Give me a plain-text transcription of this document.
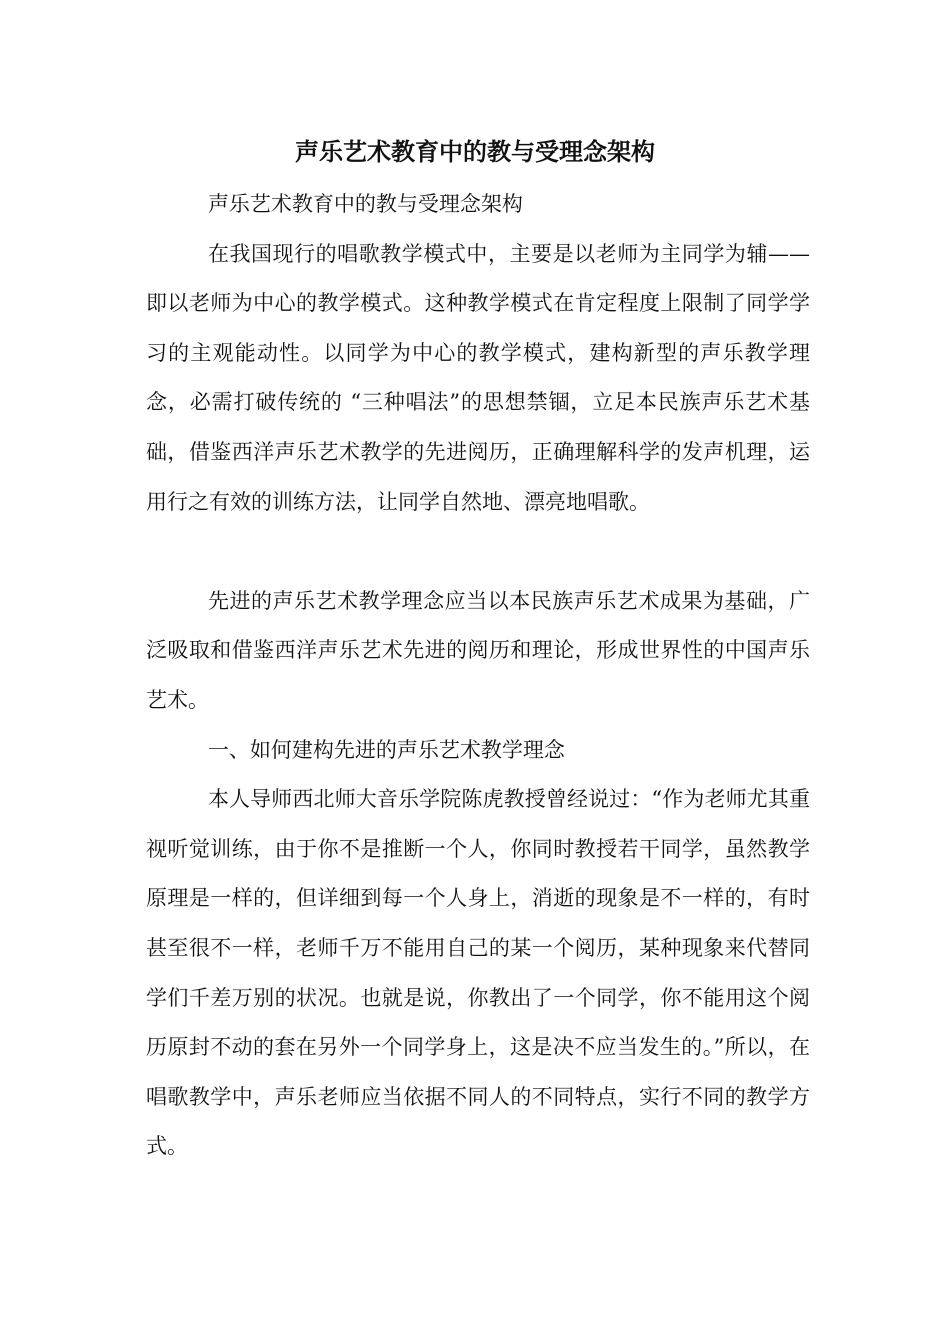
声乐艺术教育中的教与受理念架构

声乐艺术教育中的教与受理念架构

在我国现行的唱歌教学模式中，主要是以老师为主同学为辅——即以老师为中心的教学模式。这种教学模式在肯定程度上限制了同学学习的主观能动性。以同学为中心的教学模式，建构新型的声乐教学理念，必需打破传统的 “三种唱法”的思想禁锢，立足本民族声乐艺术基础，借鉴西洋声乐艺术教学的先进阅历，正确理解科学的发声机理，运用行之有效的训练方法，让同学自然地、漂亮地唱歌。

先进的声乐艺术教学理念应当以本民族声乐艺术成果为基础，广泛吸取和借鉴西洋声乐艺术先进的阅历和理论，形成世界性的中国声乐艺术。

一、如何建构先进的声乐艺术教学理念

本人导师西北师大音乐学院陈虎教授曾经说过：“作为老师尤其重视听觉训练，由于你不是推断一个人，你同时教授若干同学，虽然教学原理是一样的，但详细到每一个人身上，消逝的现象是不一样的，有时甚至很不一样，老师千万不能用自己的某一个阅历，某种现象来代替同学们千差万别的状况。也就是说，你教出了一个同学，你不能用这个阅历原封不动的套在另外一个同学身上，这是决不应当发生的。”所以，在唱歌教学中，声乐老师应当依据不同人的不同特点，实行不同的教学方式。
